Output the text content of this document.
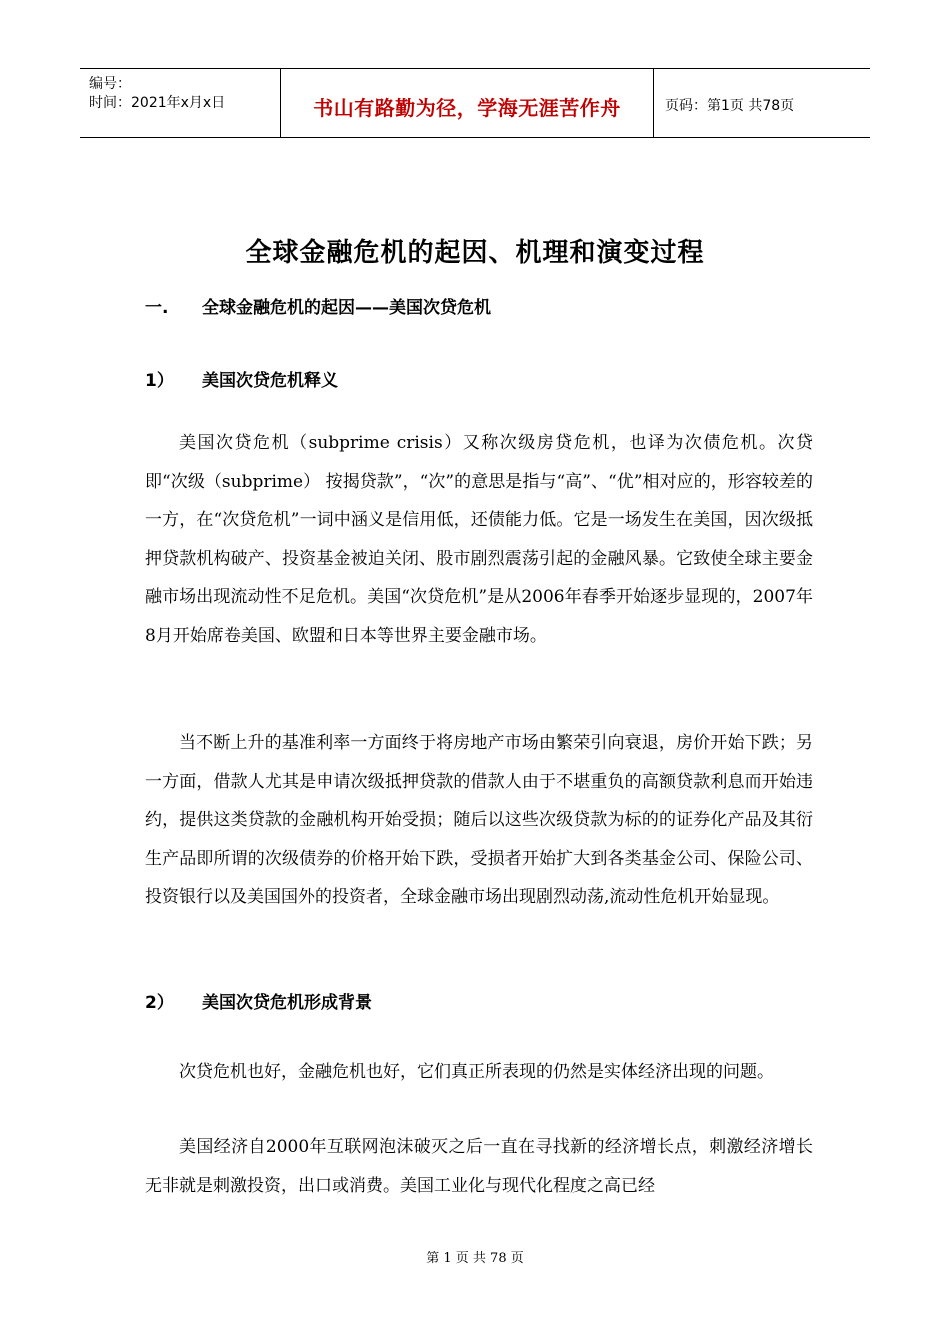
编号：
时间：2021年x月x日	书山有路勤为径，学海无涯苦作舟	页码：第1页 共78页
全球金融危机的起因、机理和演变过程
一. 全球金融危机的起因——美国次贷危机
1） 美国次贷危机释义

美国次贷危机（subprime crisis）又称次级房贷危机，也译为次债危机。次贷即“次级（subprime） 按揭贷款”，“次”的意思是指与“高”、“优”相对应的，形容较差的一方，在“次贷危机”一词中涵义是信用低，还债能力低。它是一场发生在美国，因次级抵押贷款机构破产、投资基金被迫关闭、股市剧烈震荡引起的金融风暴。它致使全球主要金融市场出现流动性不足危机。美国“次贷危机”是从2006年春季开始逐步显现的，2007年8月开始席卷美国、欧盟和日本等世界主要金融市场。

当不断上升的基准利率一方面终于将房地产市场由繁荣引向衰退，房价开始下跌；另一方面，借款人尤其是申请次级抵押贷款的借款人由于不堪重负的高额贷款利息而开始违约，提供这类贷款的金融机构开始受损；随后以这些次级贷款为标的的证券化产品及其衍生产品即所谓的次级债券的价格开始下跌，受损者开始扩大到各类基金公司、保险公司、投资银行以及美国国外的投资者，全球金融市场出现剧烈动荡,流动性危机开始显现。

2） 美国次贷危机形成背景

次贷危机也好，金融危机也好，它们真正所表现的仍然是实体经济出现的问题。

美国经济自2000年互联网泡沫破灭之后一直在寻找新的经济增长点，刺激经济增长无非就是刺激投资，出口或消费。美国工业化与现代化程度之高已经

第 1 页 共 78 页
